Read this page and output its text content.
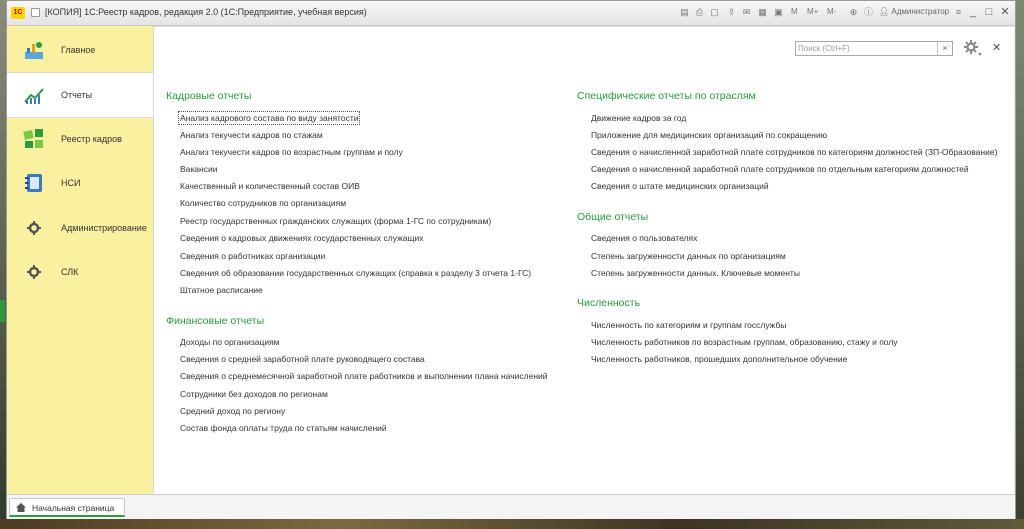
1С	[КОПИЯ] 1С:Реестр кадров, редакция 2.0 (1С:Предприятие, учебная версия)	▤ ⎙ ▢ ⇪ ✉ ▦ ▣ M M+ M-	⊕ ⓘ 👤︎ Администратор ≡ _ □ ✕
Главное
Отчеты
Реестр кадров
НСИ
Администрирование
СЛК
Поиск (Ctrl+F)
×	✕
Кадровые отчеты
Анализ кадрового состава по виду занятости
Анализ текучести кадров по стажам
Анализ текучести кадров по возрастным группам и полу
Вакансии
Качественный и количественный состав ОИВ
Количество сотрудников по организациям
Реестр государственных гражданских служащих (форма 1-ГС по сотрудникам)
Сведения о кадровых движениях государственных служащих
Сведения о работниках организации
Сведения об образовании государственных служащих (справка к разделу 3 отчета 1-ГС)
Штатное расписание
Финансовые отчеты
Доходы по организациям
Сведения о средней заработной плате руководящего состава
Сведения о среднемесячной заработной плате работников и выполнении плана начислений
Сотрудники без доходов по регионам
Средний доход по региону
Состав фонда оплаты труда по статьям начислений
Специфические отчеты по отраслям
Движение кадров за год
Приложение для медицинских организаций по сокращению
Сведения о начисленной заработной плате сотрудников по категориям должностей (ЗП-Образование)
Сведения о начисленной заработной плате сотрудников по отдельным категориям должностей
Сведения о штате медицинских организаций
Общие отчеты
Сведения о пользователях
Степень загруженности данных по организациям
Степень загруженности данных. Ключевые моменты
Численность
Численность по категориям и группам госслужбы
Численность работников по возрастным группам, образованию, стажу и полу
Численность работников, прошедших дополнительное обучение
Начальная страница
